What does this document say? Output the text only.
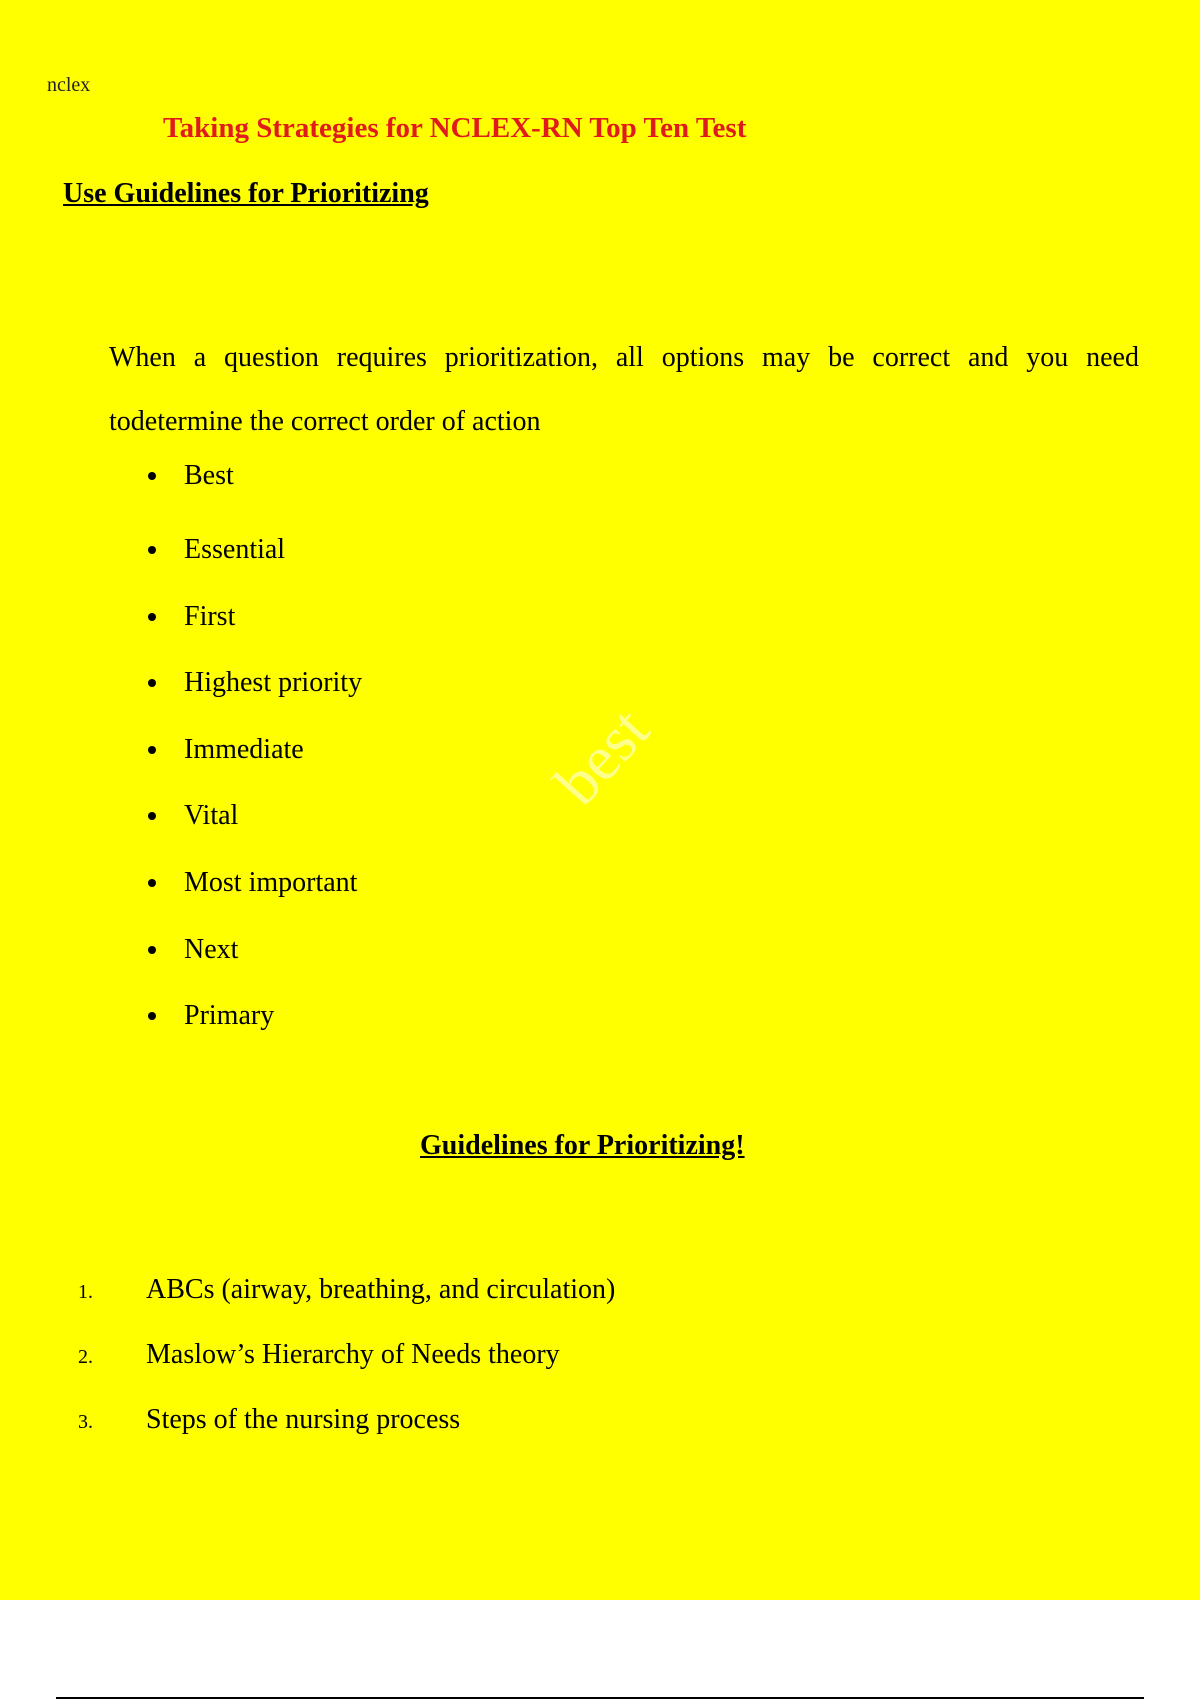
nclex
Taking Strategies for NCLEX-RN Top Ten Test
Use Guidelines for Prioritizing

When a question requires prioritization, all options may be correct and you need todetermine the correct order of action

Best
Essential
First
Highest priority
Immediate
Vital
Most important
Next
Primary
best
Guidelines for Prioritizing!
1. ABCs (airway, breathing, and circulation)
2. Maslow’s Hierarchy of Needs theory
3. Steps of the nursing process
